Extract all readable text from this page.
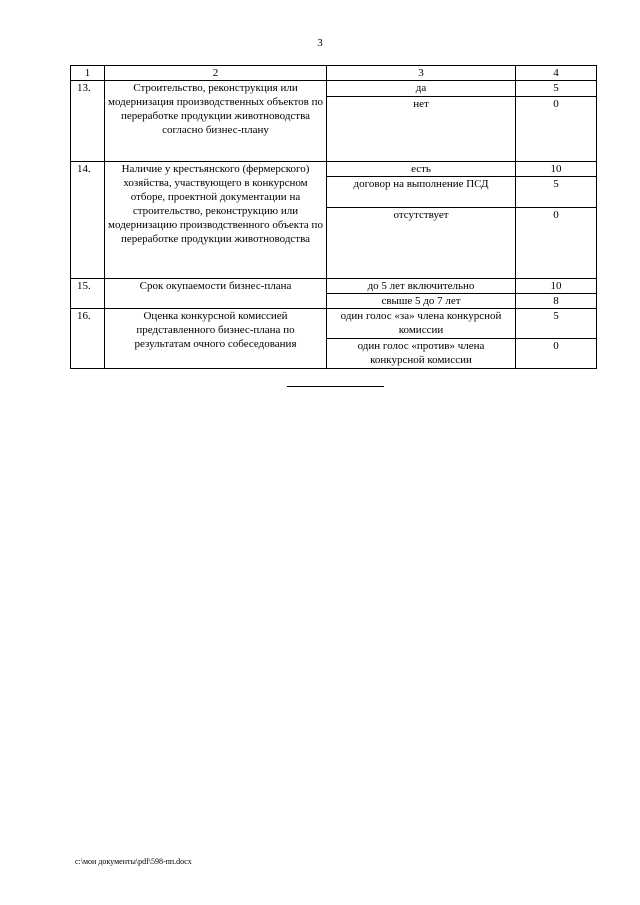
3
1	2	3	4
13.	Строительство, реконструкция или модернизация производственных объектов по переработке продукции животноводства согласно бизнес-плану	да	5
		нет	0
14.	Наличие у крестьянского (фермерского) хозяйства, участвующего в конкурсном отборе, проектной документации на строительство, реконструкцию или модернизацию производственного объекта по переработке продукции животноводства	есть	10
		договор на выполнение ПСД	5
		отсутствует	0
15.	Срок окупаемости бизнес-плана	до 5 лет включительно	10
		свыше 5 до 7 лет	8
16.	Оценка конкурсной комиссией представленного бизнес-плана по результатам очного собеседования	один голос «за» члена конкурсной комиссии	5
		один голос «против» члена конкурсной комиссии	0
c:\мои документы\pdf\598-пп.docx
